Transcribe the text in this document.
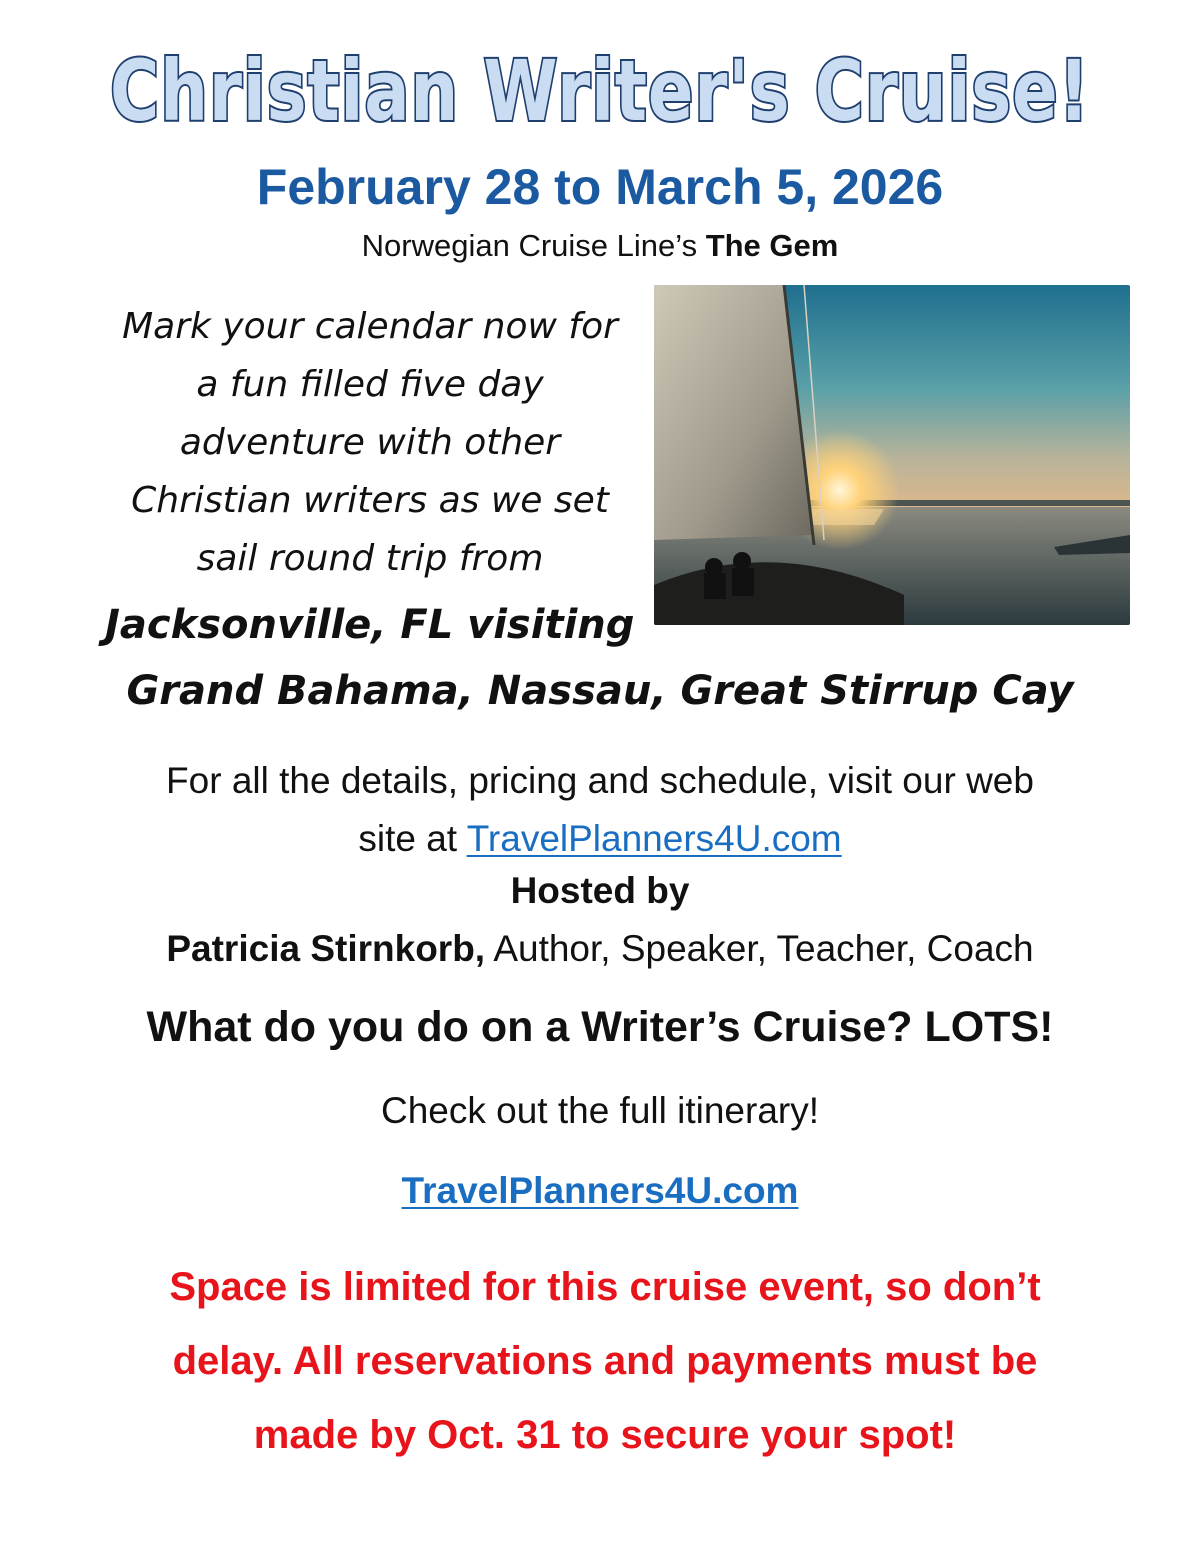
Christian Writer's Cruise!
February 28 to March 5, 2026
Norwegian Cruise Line’s The Gem
Mark your calendar now for
a fun filled five day
adventure with other
Christian writers as we set
sail round trip from
Jacksonville, FL visiting
Grand Bahama, Nassau, Great Stirrup Cay
For all the details, pricing and schedule, visit our web
site at TravelPlanners4U.com
Hosted by
Patricia Stirnkorb, Author, Speaker, Teacher, Coach
What do you do on a Writer’s Cruise? LOTS!
Check out the full itinerary!
TravelPlanners4U.com
Space is limited for this cruise event, so don’t
delay. All reservations and payments must be
made by Oct. 31 to secure your spot!
